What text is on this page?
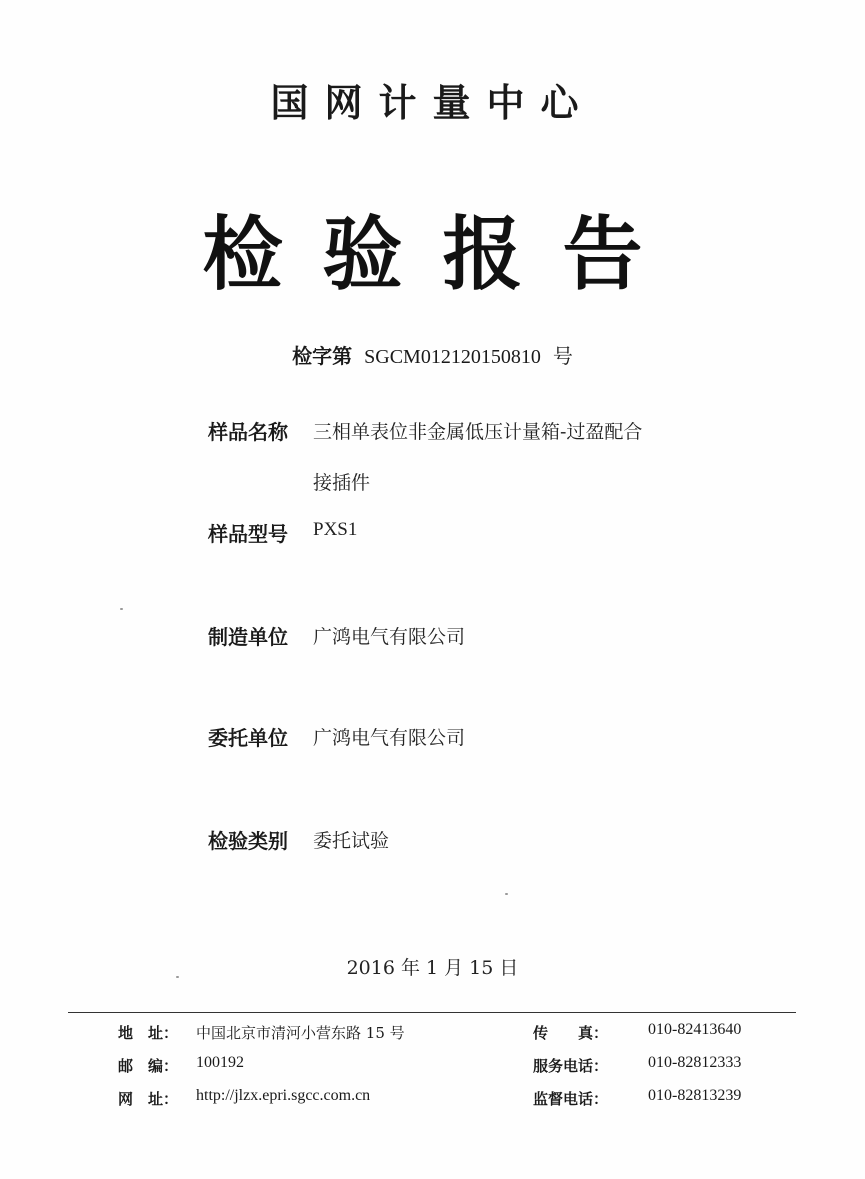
国网计量中心
检验报告
检字第 SGCM012120150810 号
样品名称 三相单表位非金属低压计量箱-过盈配合
接插件
样品型号 PXS1
制造单位 广鸿电气有限公司
委托单位 广鸿电气有限公司
检验类别 委托试验
2016 年 1 月 15 日
地　址： 中国北京市清河小营东路 15 号
邮　编： 100192
网　址： http://jlzx.epri.sgcc.com.cn
传　　真： 010-82413640
服务电话： 010-82812333
监督电话： 010-82813239
